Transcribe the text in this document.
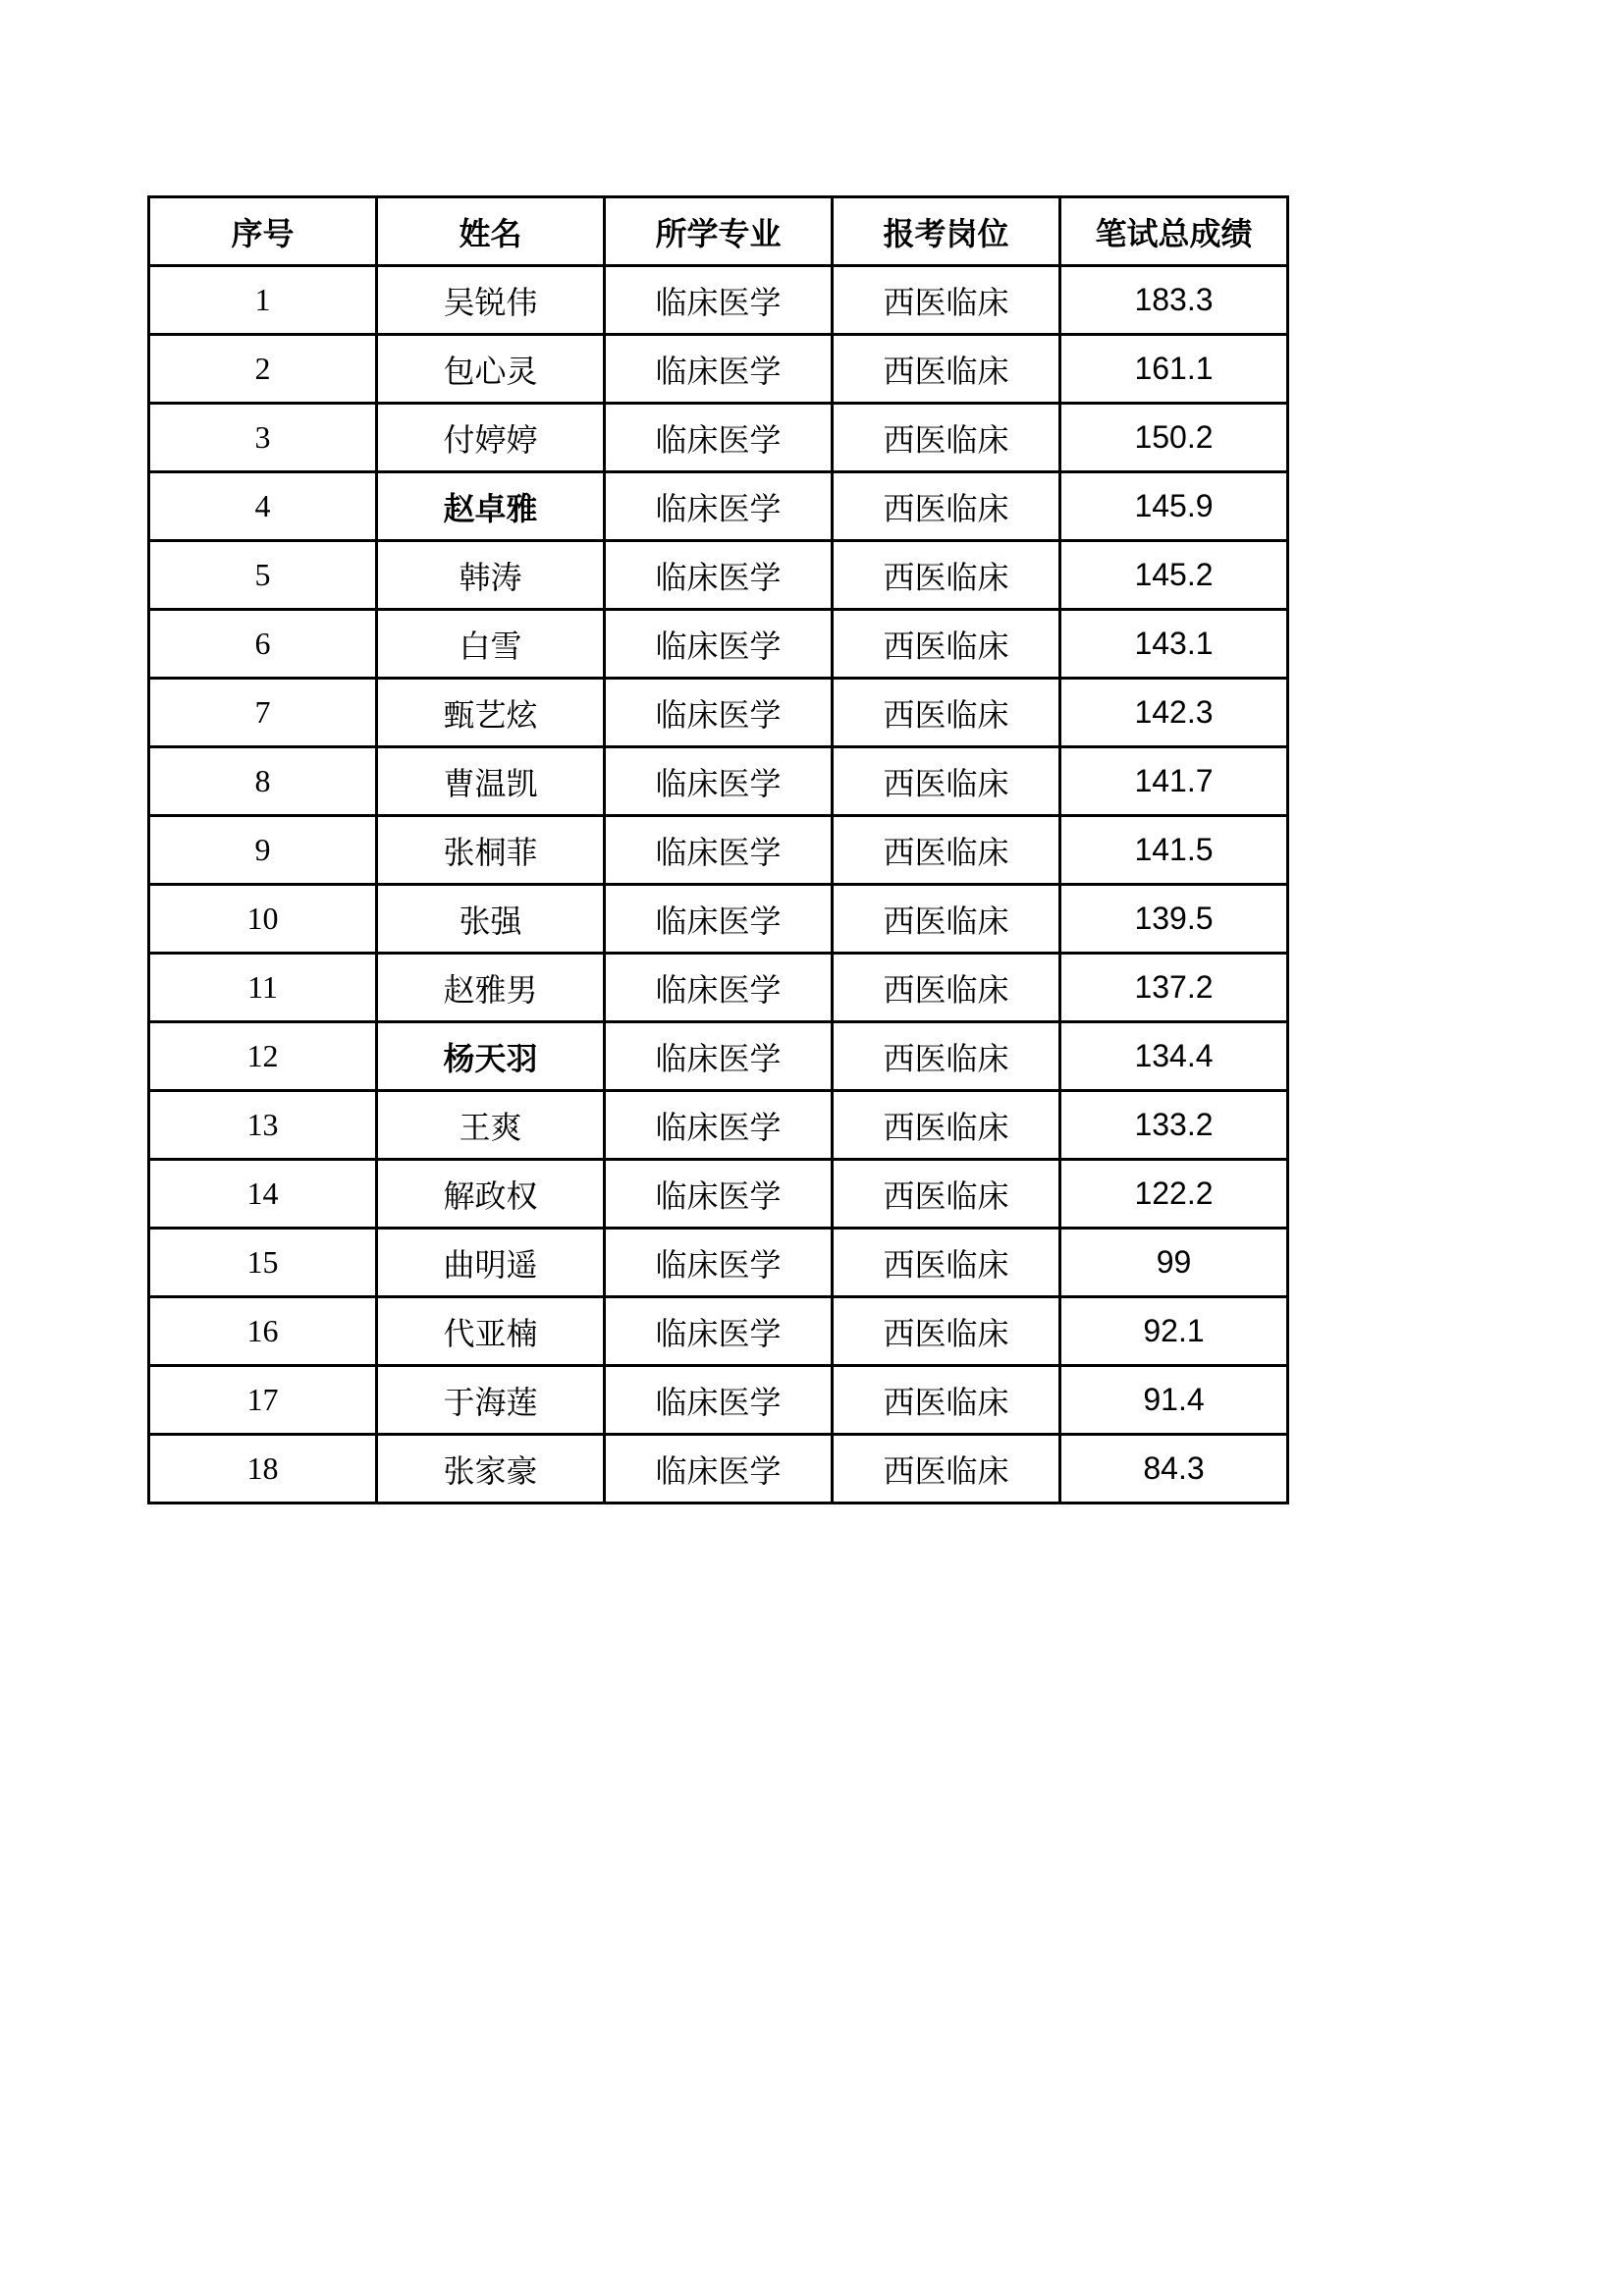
序号	姓名	所学专业	报考岗位	笔试总成绩
1	吴锐伟	临床医学	西医临床	183.3
2	包心灵	临床医学	西医临床	161.1
3	付婷婷	临床医学	西医临床	150.2
4	赵卓雅	临床医学	西医临床	145.9
5	韩涛	临床医学	西医临床	145.2
6	白雪	临床医学	西医临床	143.1
7	甄艺炫	临床医学	西医临床	142.3
8	曹温凯	临床医学	西医临床	141.7
9	张桐菲	临床医学	西医临床	141.5
10	张强	临床医学	西医临床	139.5
11	赵雅男	临床医学	西医临床	137.2
12	杨天羽	临床医学	西医临床	134.4
13	王爽	临床医学	西医临床	133.2
14	解政权	临床医学	西医临床	122.2
15	曲明遥	临床医学	西医临床	99
16	代亚楠	临床医学	西医临床	92.1
17	于海莲	临床医学	西医临床	91.4
18	张家豪	临床医学	西医临床	84.3
